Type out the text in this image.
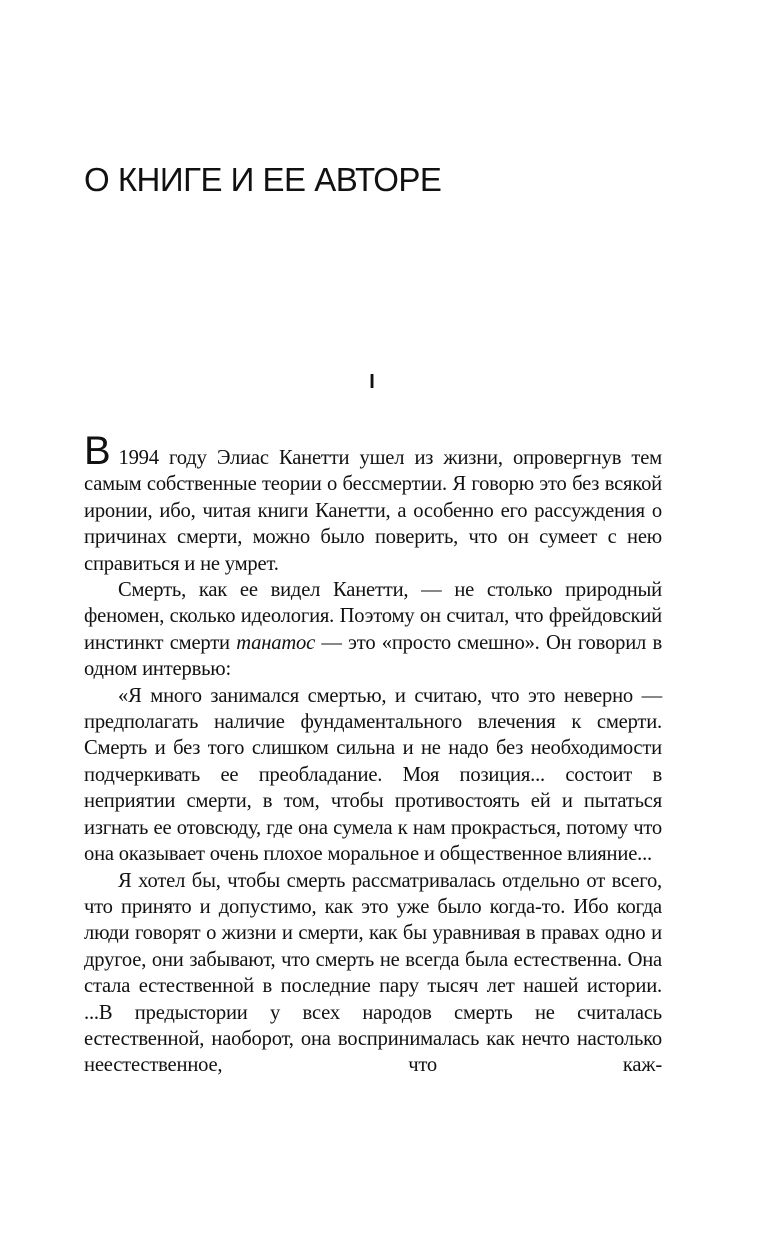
О КНИГЕ И ЕЕ АВТОРЕ
I

В 1994 году Элиас Канетти ушел из жизни, опровергнув тем самым собственные теории о бессмертии. Я говорю это без всякой иронии, ибо, читая книги Канетти, а особенно его рассуждения о причинах смерти, можно было поверить, что он сумеет с нею справиться и не умрет.

Смерть, как ее видел Канетти, — не столько природный феномен, сколько идеология. Поэтому он считал, что фрейдовский инстинкт смерти танатос — это «просто смешно». Он говорил в одном интервью:

«Я много занимался смертью, и считаю, что это неверно — предполагать наличие фундаментального влечения к смерти. Смерть и без того слишком сильна и не надо без необходимости подчеркивать ее преобладание. Моя позиция... состоит в неприятии смерти, в том, чтобы противостоять ей и пытаться изгнать ее отовсюду, где она сумела к нам прокрасться, потому что она оказывает очень плохое моральное и общественное влияние...

Я хотел бы, чтобы смерть рассматривалась отдельно от всего, что принято и допустимо, как это уже было когда-то. Ибо когда люди говорят о жизни и смерти, как бы уравнивая в правах одно и другое, они забывают, что смерть не всегда была естественна. Она стала естественной в последние пару тысяч лет нашей истории. ...В предыстории у всех народов смерть не считалась естественной, наоборот, она воспринималась как нечто настолько неестественное, что каж-
